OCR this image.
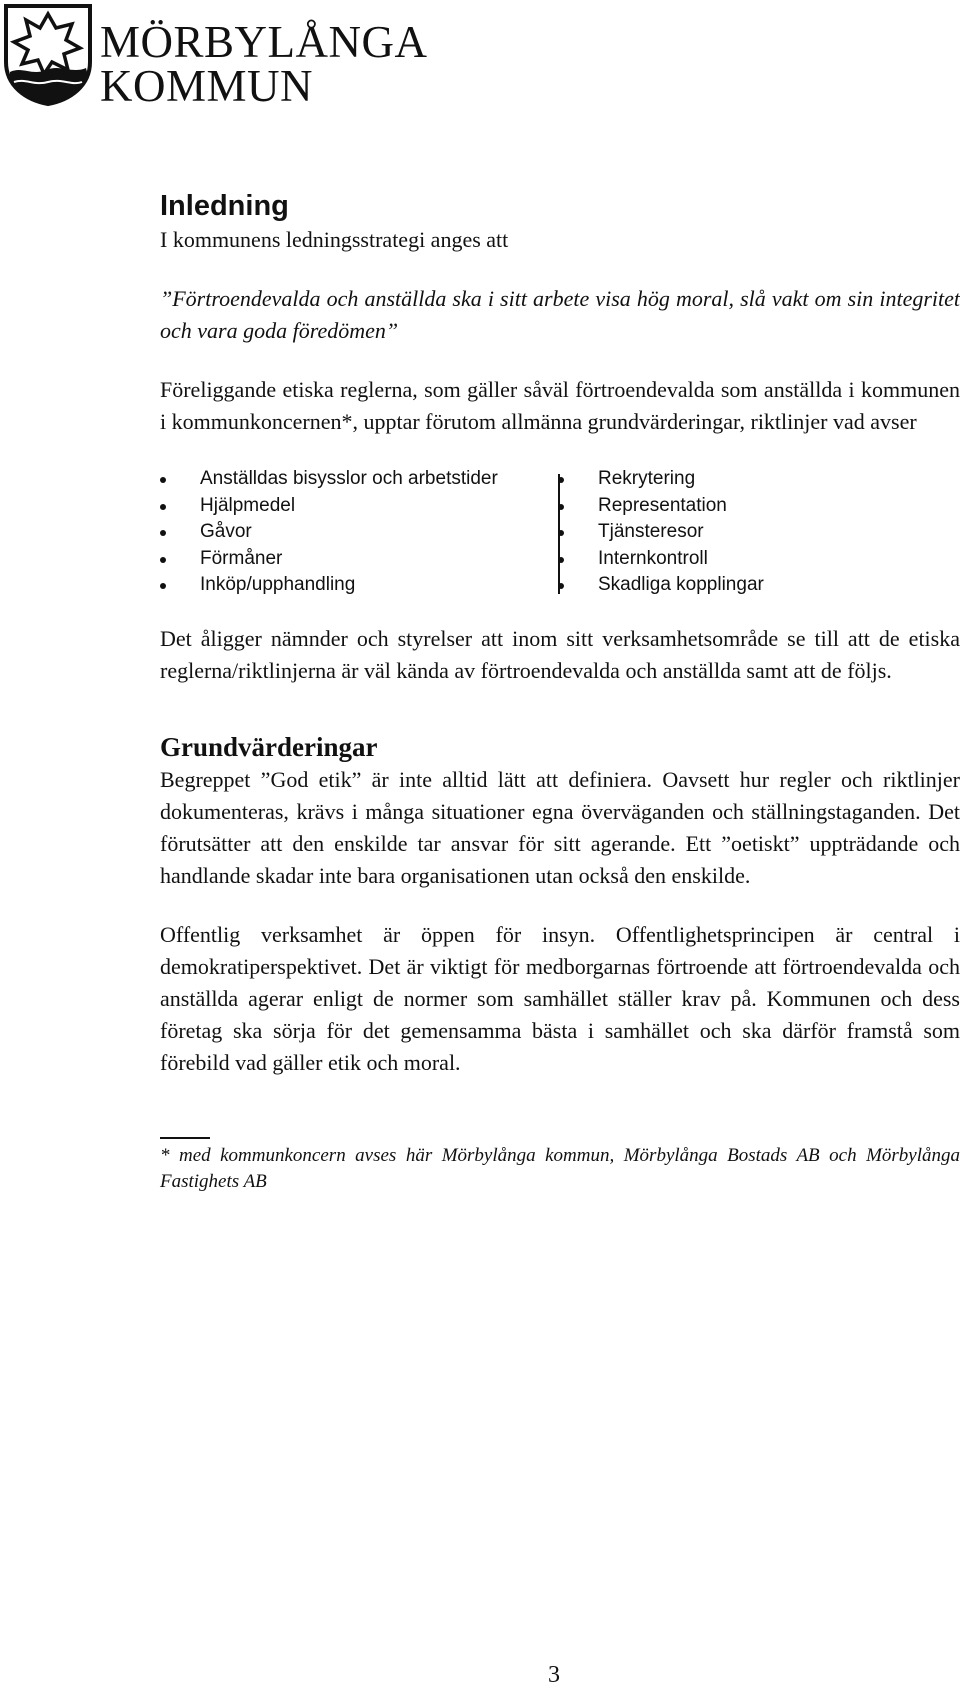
MÖRBYLÅNGA
KOMMUN
Inledning

I kommunens ledningsstrategi anges att

”Förtroendevalda och anställda ska i sitt arbete visa hög moral, slå vakt om sin integritet och vara goda föredömen”

Föreliggande etiska reglerna, som gäller såväl förtroendevalda som anställda i kommunen i kommunkoncernen*, upptar förutom allmänna grundvärderingar, riktlinjer vad avser

Anställdas bisysslor och arbetstider
Hjälpmedel
Gåvor
Förmåner
Inköp/upphandling
Rekrytering
Representation
Tjänsteresor
Internkontroll
Skadliga kopplingar

Det åligger nämnder och styrelser att inom sitt verksamhetsområde se till att de etiska reglerna/riktlinjerna är väl kända av förtroendevalda och anställda samt att de följs.

Grundvärderingar

Begreppet ”God etik” är inte alltid lätt att definiera. Oavsett hur regler och riktlinjer dokumenteras, krävs i många situationer egna överväganden och ställningstaganden. Det förutsätter att den enskilde tar ansvar för sitt agerande. Ett ”oetiskt” uppträdande och handlande skadar inte bara organisationen utan också den enskilde.

Offentlig verksamhet är öppen för insyn. Offentlighetsprincipen är central i demokratiperspektivet. Det är viktigt för medborgarnas förtroende att förtroendevalda och anställda agerar enligt de normer som samhället ställer krav på. Kommunen och dess företag ska sörja för det gemensamma bästa i samhället och ska därför framstå som förebild vad gäller etik och moral.

* med kommunkoncern avses här Mörbylånga kommun, Mörbylånga Bostads AB och Mörbylånga Fastighets AB

3
